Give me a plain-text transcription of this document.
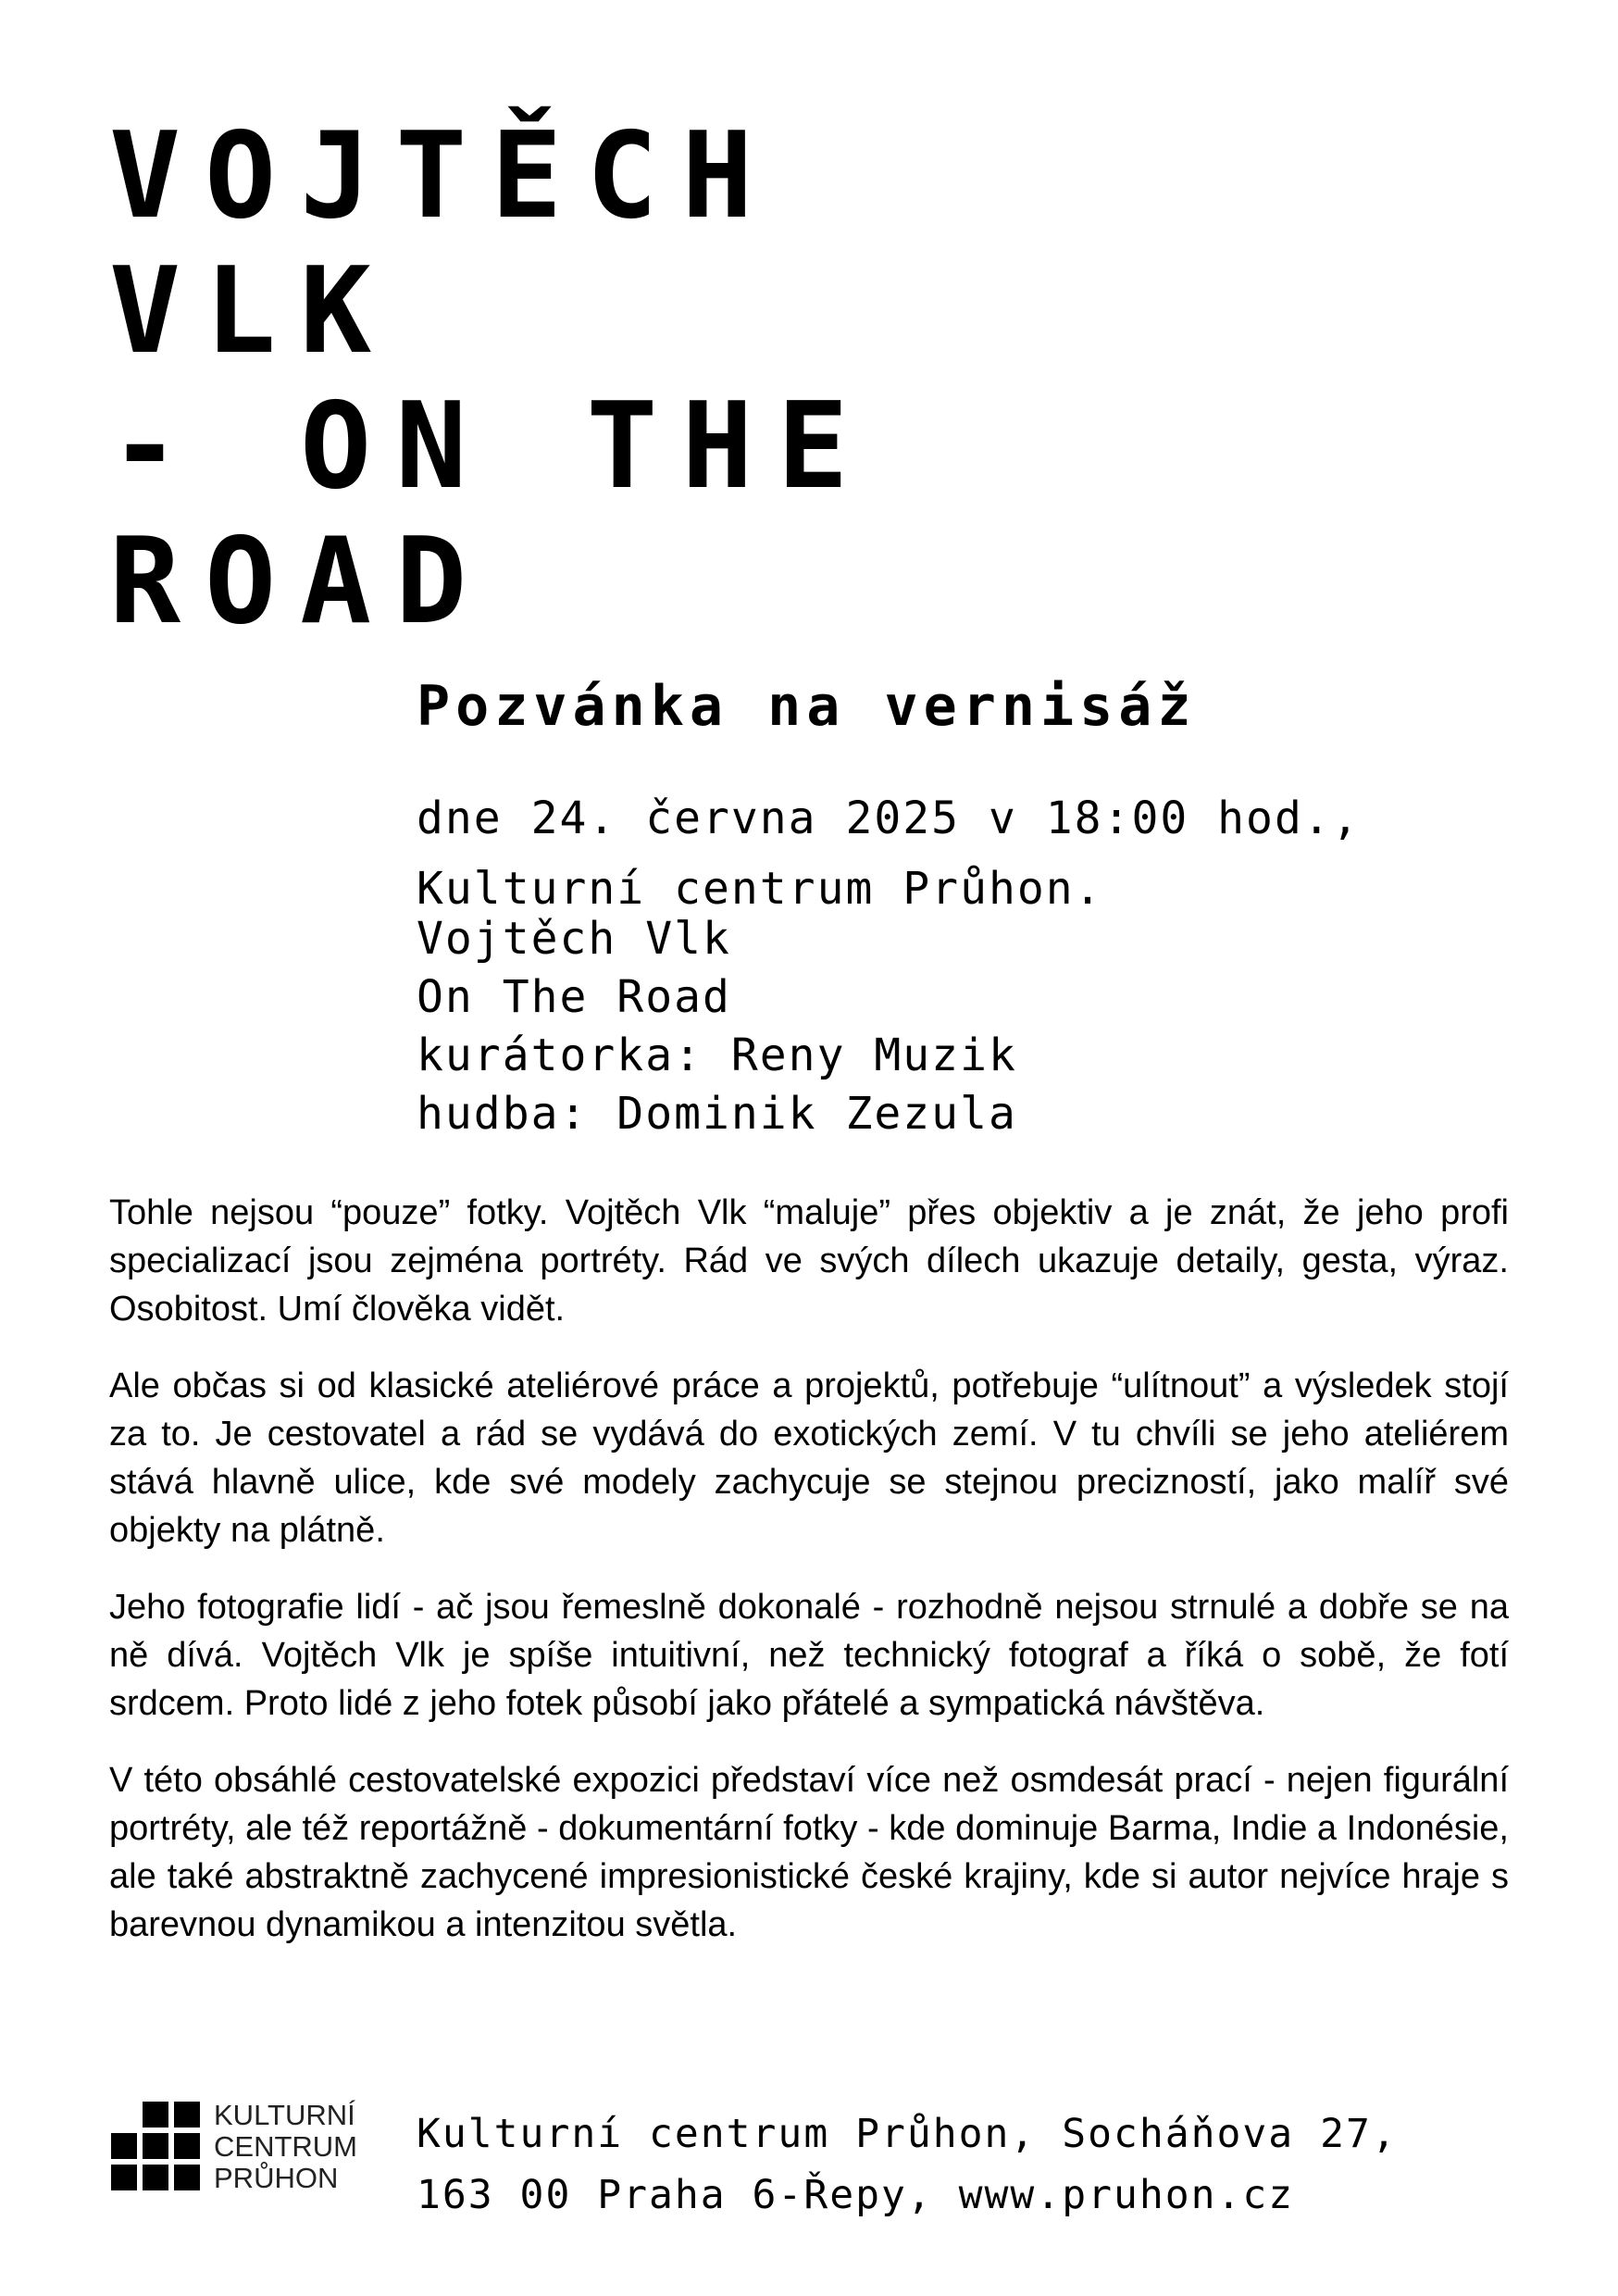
VOJTĚCH
VLK
- ON THE
ROAD
Pozvánka na vernisáž
dne 24. června 2025 v 18:00 hod.,
Kulturní centrum Průhon.
Vojtěch Vlk
On The Road
kurátorka: Reny Muzik
hudba: Dominik Zezula

Tohle nejsou “pouze” fotky. Vojtěch Vlk “maluje” přes objektiv a je znát, že jeho profi specializací jsou zejména portréty. Rád ve svých dílech ukazuje detaily, gesta, výraz. Osobitost. Umí člověka vidět.

Ale občas si od klasické ateliérové práce a projektů, potřebuje “ulítnout” a výsledek stojí za to. Je cestovatel a rád se vydává do exotických zemí. V tu chvíli se jeho ateliérem stává hlavně ulice, kde své modely zachycuje se stejnou precizností, jako malíř své objekty na plátně.

Jeho fotografie lidí - ač jsou řemeslně dokonalé - rozhodně nejsou strnulé a dobře se na ně dívá. Vojtěch Vlk je spíše intuitivní, než technický fotograf a říká o sobě, že fotí srdcem. Proto lidé z jeho fotek působí jako přátelé a sympatická návštěva.

V této obsáhlé cestovatelské expozici představí více než osmdesát prací - nejen figurální portréty, ale též reportážně - dokumentární fotky - kde dominuje Barma, Indie a Indonésie, ale také abstraktně zachycené impresionistické české krajiny, kde si autor nejvíce hraje s barevnou dynamikou a intenzitou světla.

KULTURNÍ
CENTRUM
PRŮHON
Kulturní centrum Průhon, Socháňova 27,
163 00 Praha 6-Řepy, www.pruhon.cz
